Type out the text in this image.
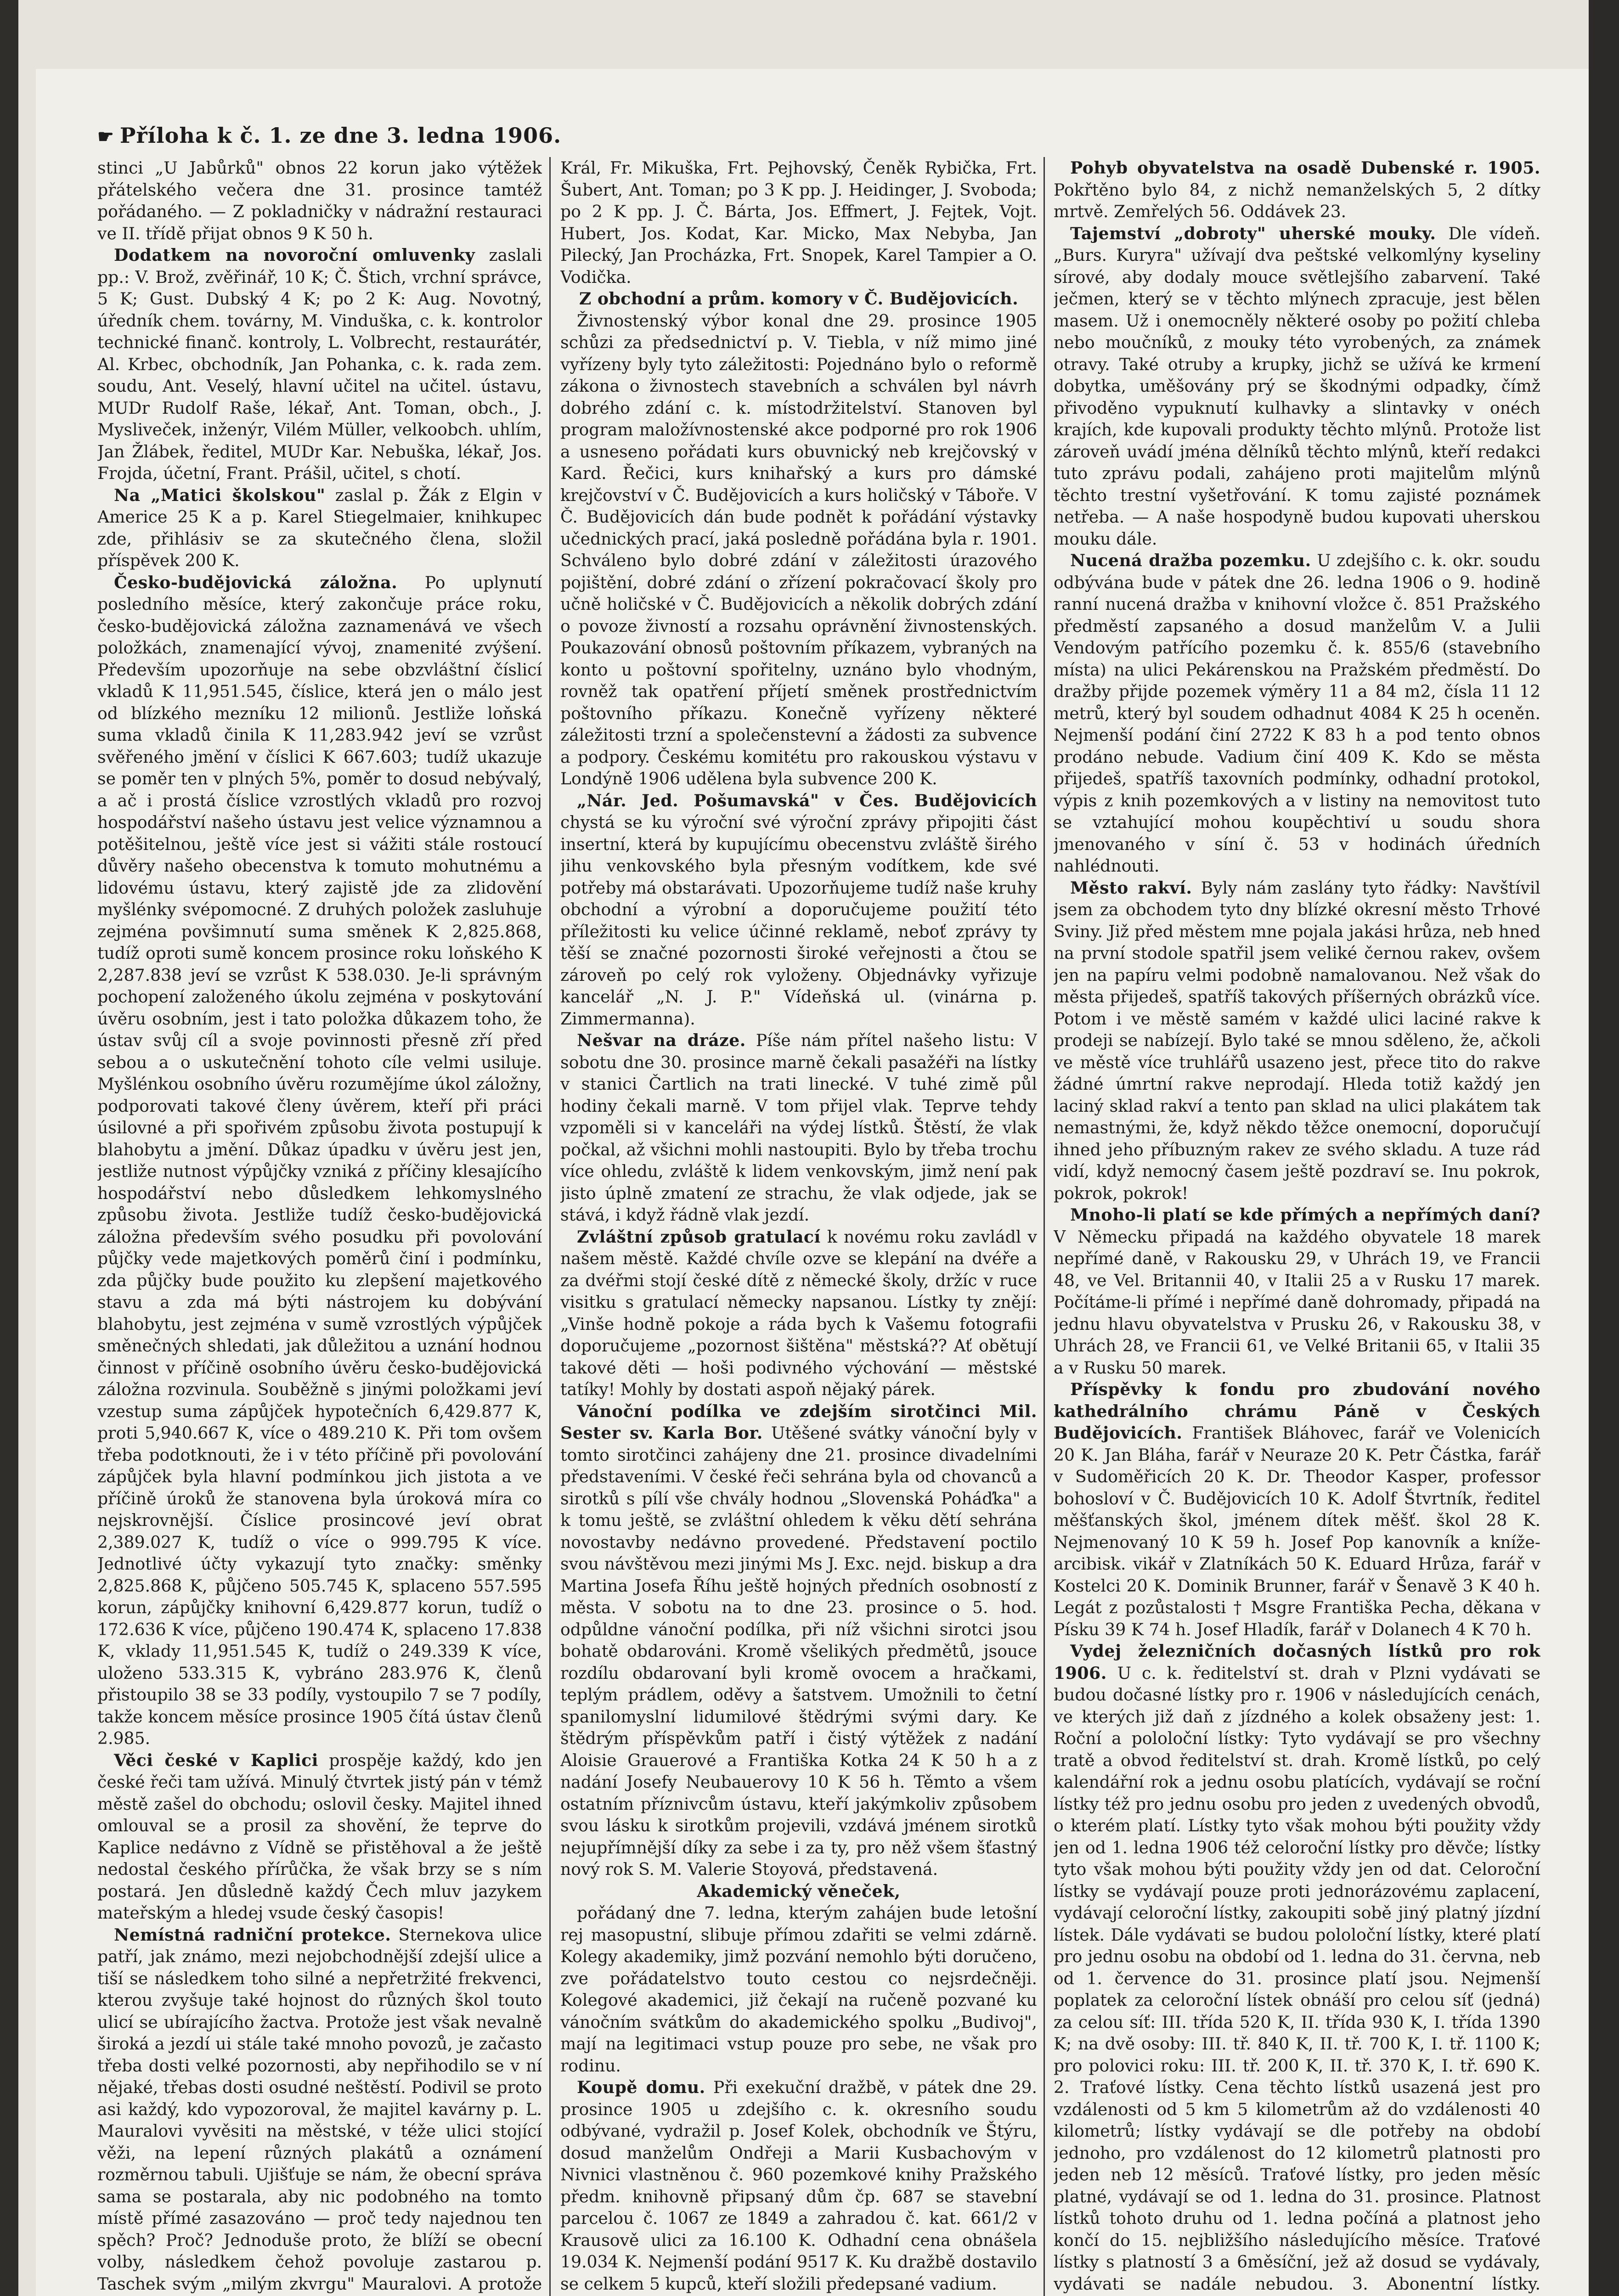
☛ Příloha k č. 1. ze dne 3. ledna 1906.

stinci „U Jabůrků" obnos 22 korun jako výtěžek přátelského večera dne 31. prosince tamtéž pořádaného. — Z pokladničky v nádražní restauraci ve II. třídě přijat obnos 9 K 50 h.

Dodatkem na novoroční omluvenky zaslali pp.: V. Brož, zvěřinář, 10 K; Č. Štich, vrchní správce, 5 K; Gust. Dubský 4 K; po 2 K: Aug. Novotný, úředník chem. továrny, M. Vinduška, c. k. kontrolor technické finanč. kontroly, L. Volbrecht, restaurátér, Al. Krbec, obchodník, Jan Pohanka, c. k. rada zem. soudu, Ant. Veselý, hlavní učitel na učitel. ústavu, MUDr Rudolf Raše, lékař, Ant. Toman, obch., J. Mysliveček, inženýr, Vilém Müller, velkoobch. uhlím, Jan Žlábek, ředitel, MUDr Kar. Nebuška, lékař, Jos. Frojda, účetní, Frant. Prášil, učitel, s chotí.

Na „Matici školskou" zaslal p. Žák z Elgin v Americe 25 K a p. Karel Stiegelmaier, knihkupec zde, přihlásiv se za skutečného člena, složil příspěvek 200 K.

Česko-budějovická záložna. Po uplynutí posledního měsíce, který zakončuje práce roku, česko-budějovická záložna zaznamenává ve všech položkách, znamenající vývoj, znamenité zvýšení. Především upozorňuje na sebe obzvláštní číslicí vkladů K 11,951.545, číslice, která jen o málo jest od blízkého mezníku 12 milionů. Jestliže loňská suma vkladů činila K 11,283.942 jeví se vzrůst svěřeného jmění v číslici K 667.603; tudíž ukazuje se poměr ten v plných 5%, poměr to dosud nebývalý, a ač i prostá číslice vzrostlých vkladů pro rozvoj hospodářství našeho ústavu jest velice významnou a potěšitelnou, ještě více jest si vážiti stále rostoucí důvěry našeho obecenstva k tomuto mohutnému a lidovému ústavu, který zajistě jde za zlidovění myšlénky svépomocné. Z druhých položek zasluhuje zejména povšimnutí suma směnek K 2,825.868, tudíž oproti sumě koncem prosince roku loňského K 2,287.838 jeví se vzrůst K 538.030. Je-li správným pochopení založeného úkolu zejména v poskytování úvěru osobním, jest i tato položka důkazem toho, že ústav svůj cíl a svoje povinnosti přesně zří před sebou a o uskutečnění tohoto cíle velmi usiluje. Myšlénkou osobního úvěru rozumějíme úkol záložny, podporovati takové členy úvěrem, kteří při práci úsilovné a při spořivém způsobu života postupují k blahobytu a jmění. Důkaz úpadku v úvěru jest jen, jestliže nutnost výpůjčky vzniká z příčiny klesajícího hospodářství nebo důsledkem lehkomyslného způsobu života. Jestliže tudíž česko-budějovická záložna především svého posudku při povolování půjčky vede majetkových poměrů činí i podmínku, zda půjčky bude použito ku zlepšení majetkového stavu a zda má býti nástrojem ku dobývání blahobytu, jest zejména v sumě vzrostlých výpůjček směnečných shledati, jak důležitou a uznání hodnou činnost v příčině osobního úvěru česko-budějovická záložna rozvinula. Souběžně s jinými položkami jeví vzestup suma zápůjček hypotečních 6,429.877 K, proti 5,940.667 K, více o 489.210 K. Při tom ovšem třeba podotknouti, že i v této příčině při povolování zápůjček byla hlavní podmínkou jich jistota a ve příčině úroků že stanovena byla úroková míra co nejskrovnější. Číslice prosincové jeví obrat 2,389.027 K, tudíž o více o 999.795 K více. Jednotlivé účty vykazují tyto značky: směnky 2,825.868 K, půjčeno 505.745 K, splaceno 557.595 korun, zápůjčky knihovní 6,429.877 korun, tudíž o 172.636 K více, půjčeno 190.474 K, splaceno 17.838 K, vklady 11,951.545 K, tudíž o 249.339 K více, uloženo 533.315 K, vybráno 283.976 K, členů přistoupilo 38 se 33 podíly, vystoupilo 7 se 7 podíly, takže koncem měsíce prosince 1905 čítá ústav členů 2.985.

Věci české v Kaplici prospěje každý, kdo jen české řeči tam užívá. Minulý čtvrtek jistý pán v témž městě zašel do obchodu; oslovil česky. Majitel ihned omlouval se a prosil za shovění, že teprve do Kaplice nedávno z Vídně se přistěhoval a že ještě nedostal českého přírůčka, že však brzy se s ním postará. Jen důsledně každý Čech mluv jazykem mateřským a hledej vsude český časopis!

Nemístná radniční protekce. Sternekova ulice patří, jak známo, mezi nejobchodnější zdejší ulice a tiší se následkem toho silné a nepřetržité frekvenci, kterou zvyšuje také hojnost do různých škol touto ulicí se ubírajícího žactva. Protože jest však nevalně široká a jezdí ui stále také mnoho povozů, je začasto třeba dosti velké pozornosti, aby nepřihodilo se v ní nějaké, třebas dosti osudné neštěstí. Podivil se proto asi každý, kdo vypozoroval, že majitel kavárny p. L. Mauralovi vyvěsiti na městské, v téže ulici stojící věži, na lepení různých plakátů a oznámení rozměrnou tabuli. Ujišťuje se nám, že obecní správa sama se postarala, aby nic podobného na tomto místě přímé zasazováno — proč tedy najednou ten spěch? Proč? Jednoduše proto, že blíží se obecní volby, následkem čehož povoluje zastarou p. Taschek svým „milým zkvrgu" Mauralovi. A protože

Král, Fr. Mikuška, Frt. Pejhovský, Čeněk Rybička, Frt. Šubert, Ant. Toman; po 3 K pp. J. Heidinger, J. Svoboda; po 2 K pp. J. Č. Bárta, Jos. Effmert, J. Fejtek, Vojt. Hubert, Jos. Kodat, Kar. Micko, Max Nebyba, Jan Pilecký, Jan Procházka, Frt. Snopek, Karel Tampier a O. Vodička.

Z obchodní a prům. komory v Č. Budějovicích.

Živnostenský výbor konal dne 29. prosince 1905 schůzi za předsednictví p. V. Tiebla, v níž mimo jiné vyřízeny byly tyto záležitosti: Pojednáno bylo o reformě zákona o živnostech stavebních a schválen byl návrh dobrého zdání c. k. místodržitelství. Stanoven byl program maložívnostenské akce podporné pro rok 1906 a usneseno pořádati kurs obuvnický neb krejčovský v Kard. Řečici, kurs knihařský a kurs pro dámské krejčovství v Č. Budějovicích a kurs holičský v Táboře. V Č. Budějovicích dán bude podnět k pořádání výstavky učednických prací, jaká posledně pořádána byla r. 1901. Schváleno bylo dobré zdání v záležitosti úrazového pojištění, dobré zdání o zřízení pokračovací školy pro učně holičské v Č. Budějovicích a několik dobrých zdání o povoze živností a rozsahu oprávnění živnostenských. Poukazování obnosů poštovním příkazem, vybraných na konto u poštovní spořitelny, uznáno bylo vhodným, rovněž tak opatření příjetí směnek prostřednictvím poštovního příkazu. Konečně vyřízeny některé záležitosti trzní a společenstevní a žádosti za subvence a podpory. Českému komitétu pro rakouskou výstavu v Londýně 1906 udělena byla subvence 200 K.

„Nár. Jed. Pošumavská" v Čes. Budějovicích chystá se ku výroční své výroční zprávy připojiti část insertní, která by kupujícímu obecenstvu zvláště širého jihu venkovského byla přesným vodítkem, kde své potřeby má obstarávati. Upozorňujeme tudíž naše kruhy obchodní a výrobní a doporučujeme použití této příležitosti ku velice účinné reklamě, neboť zprávy ty těší se značné pozornosti široké veřejnosti a čtou se zároveň po celý rok vyloženy. Objednávky vyřizuje kancelář „N. J. P." Vídeňská ul. (vinárna p. Zimmermanna).

Nešvar na dráze. Píše nám přítel našeho listu: V sobotu dne 30. prosince marně čekali pasažéři na lístky v stanici Čartlich na trati linecké. V tuhé zimě půl hodiny čekali marně. V tom přijel vlak. Teprve tehdy vzpoměli si v kanceláři na výdej lístků. Štěstí, že vlak počkal, až všichni mohli nastoupiti. Bylo by třeba trochu více ohledu, zvláště k lidem venkovským, jimž není pak jisto úplně zmatení ze strachu, že vlak odjede, jak se stává, i když řádně vlak jezdí.

Zvláštní způsob gratulací k novému roku zavládl v našem městě. Každé chvíle ozve se klepání na dvéře a za dvéřmi stojí české dítě z německé školy, držíc v ruce visitku s gratulací německy napsanou. Lístky ty znějí: „Vinše hodně pokoje a ráda bych k Vašemu fotografii doporučujeme „pozornost šištěna" městská?? Ať obětují takové děti — hoši podivného výchování — městské tatíky! Mohly by dostati aspoň nějaký párek.

Vánoční podílka ve zdejším sirotčinci Mil. Sester sv. Karla Bor. Utěšené svátky vánoční byly v tomto sirotčinci zahájeny dne 21. prosince divadelními představeními. V české řeči sehrána byla od chovanců a sirotků s pílí vše chvály hodnou „Slovenská Poháďka" a k tomu ještě, se zvláštní ohledem k věku dětí sehrána novostavby nedávno provedené. Představení poctilo svou návštěvou mezi jinými Ms J. Exc. nejd. biskup a dra Martina Josefa Říhu ještě hojných předních osobností z města. V sobotu na to dne 23. prosince o 5. hod. odpůldne vánoční podílka, při níž všichni sirotci jsou bohatě obdarováni. Kromě všelikých předmětů, jsouce rozdílu obdarovaní byli kromě ovocem a hračkami, teplým prádlem, oděvy a šatstvem. Umožnili to četní spanilomyslní lidumilové štědrými svými dary. Ke štědrým příspěvkům patří i čistý výtěžek z nadání Aloisie Grauerové a Františka Kotka 24 K 50 h a z nadání Josefy Neubauerovy 10 K 56 h. Těmto a všem ostatním příznivcům ústavu, kteří jakýmkoliv způsobem svou lásku k sirotkům projevili, vzdává jménem sirotků nejupřímnější díky za sebe i za ty, pro něž všem šťastný nový rok S. M. Valerie Stoyová, představená.

Akademický věneček,

pořádaný dne 7. ledna, kterým zahájen bude letošní rej masopustní, slibuje přímou zdařiti se velmi zdárně. Kolegy akademiky, jimž pozvání nemohlo býti doručeno, zve pořádatelstvo touto cestou co nejsrdečněji. Kolegové akademici, již čekají na ručeně pozvané ku vánočním svátkům do akademického spolku „Budivoj", mají na legitimaci vstup pouze pro sebe, ne však pro rodinu.

Koupě domu. Při exekuční dražbě, v pátek dne 29. prosince 1905 u zdejšího c. k. okresního soudu odbývané, vydražil p. Josef Kolek, obchodník ve Štýru, dosud manželům Ondřeji a Marii Kusbachovým v Nivnici vlastněnou č. 960 pozemkové knihy Pražského předm. knihovně připsaný dům čp. 687 se stavební parcelou č. 1067 ze 1849 a zahradou č. kat. 661/2 v Krausově ulici za 16.100 K. Odhadní cena obnášela 19.034 K. Nejmenší podání 9517 K. Ku dražbě dostavilo se celkem 5 kupců, kteří složili předepsané vadium.

Pohyb obyvatelstva na osadě Dubenské r. 1905. Pokřtěno bylo 84, z nichž nemanželských 5, 2 dítky mrtvě. Zemřelých 56. Oddávek 23.

Tajemství „dobroty" uherské mouky. Dle vídeň. „Burs. Kuryra" užívají dva peštské velkomlýny kyseliny sírové, aby dodaly mouce světlejšího zabarvení. Také ječmen, který se v těchto mlýnech zpracuje, jest bělen masem. Už i onemocněly některé osoby po požití chleba nebo moučníků, z mouky této vyrobených, za známek otravy. Také otruby a krupky, jichž se užívá ke krmení dobytka, uměšovány prý se škodnými odpadky, čímž přivoděno vypuknutí kulhavky a slintavky v onéch krajích, kde kupovali produkty těchto mlýnů. Protože list zároveň uvádí jména dělníků těchto mlýnů, kteří redakci tuto zprávu podali, zahájeno proti majitelům mlýnů těchto trestní vyšetřování. K tomu zajisté poznámek netřeba. — A naše hospodyně budou kupovati uherskou mouku dále.

Nucená dražba pozemku. U zdejšího c. k. okr. soudu odbývána bude v pátek dne 26. ledna 1906 o 9. hodině ranní nucená dražba v knihovní vložce č. 851 Pražského předměstí zapsaného a dosud manželům V. a Julii Vendovým patřícího pozemku č. k. 855/6 (stavebního místa) na ulici Pekárenskou na Pražském předměstí. Do dražby přijde pozemek výměry 11 a 84 m2, čísla 11 12 metrů, který byl soudem odhadnut 4084 K 25 h oceněn. Nejmenší podání činí 2722 K 83 h a pod tento obnos prodáno nebude. Vadium činí 409 K. Kdo se města přijedeš, spatříš taxovních podmínky, odhadní protokol, výpis z knih pozemkových a v listiny na nemovitost tuto se vztahující mohou koupěchtiví u soudu shora jmenovaného v síní č. 53 v hodinách úředních nahlédnouti.

Město rakví. Byly nám zaslány tyto řádky: Navštívil jsem za obchodem tyto dny blízké okresní město Trhové Sviny. Již před městem mne pojala jakási hrůza, neb hned na první stodole spatřil jsem veliké černou rakev, ovšem jen na papíru velmi podobně namalovanou. Než však do města přijedeš, spatříš takových příšerných obrázků více. Potom i ve městě samém v každé ulici laciné rakve k prodeji se nabízejí. Bylo také se mnou sděleno, že, ačkoli ve městě více truhlářů usazeno jest, přece tito do rakve žádné úmrtní rakve neprodají. Hleda totiž každý jen laciný sklad rakví a tento pan sklad na ulici plakátem tak nemastnými, že, když někdo těžce onemocní, doporučují ihned jeho příbuzným rakev ze svého skladu. A tuze rád vidí, když nemocný časem ještě pozdraví se. Inu pokrok, pokrok, pokrok!

Mnoho-li platí se kde přímých a nepřímých daní? V Německu připadá na každého obyvatele 18 marek nepřímé daně, v Rakousku 29, v Uhrách 19, ve Francii 48, ve Vel. Britannii 40, v Italii 25 a v Rusku 17 marek. Počítáme-li přímé i nepřímé daně dohromady, připadá na jednu hlavu obyvatelstva v Prusku 26, v Rakousku 38, v Uhrách 28, ve Francii 61, ve Velké Britanii 65, v Italii 35 a v Rusku 50 marek.

Příspěvky k fondu pro zbudování nového kathedrálního chrámu Páně v Českých Budějovicích. František Bláhovec, farář ve Volenicích 20 K. Jan Bláha, farář v Neuraze 20 K. Petr Částka, farář v Sudoměřicích 20 K. Dr. Theodor Kasper, professor bohosloví v Č. Budějovicích 10 K. Adolf Štvrtník, ředitel měšťanských škol, jménem dítek měšť. škol 28 K. Nejmenovaný 10 K 59 h. Josef Pop kanovník a kníže-arcibisk. vikář v Zlatníkách 50 K. Eduard Hrůza, farář v Kostelci 20 K. Dominik Brunner, farář v Šenavě 3 K 40 h. Legát z pozůstalosti † Msgre Františka Pecha, děkana v Písku 39 K 74 h. Josef Hladík, farář v Dolanech 4 K 70 h.

Vydej železničních dočasných lístků pro rok 1906. U c. k. ředitelství st. drah v Plzni vydávati se budou dočasné lístky pro r. 1906 v následujících cenách, ve kterých již daň z jízdného a kolek obsaženy jest: 1. Roční a pololoční lístky: Tyto vydávají se pro všechny tratě a obvod ředitelství st. drah. Kromě lístků, po celý kalendářní rok a jednu osobu platících, vydávají se roční lístky též pro jednu osobu pro jeden z uvedených obvodů, o kterém platí. Lístky tyto však mohou býti použity vždy jen od 1. ledna 1906 též celoroční lístky pro děvče; lístky tyto však mohou býti použity vždy jen od dat. Celoroční lístky se vydávají pouze proti jednorázovému zaplacení, vydávají celoroční lístky, zakoupiti sobě jiný platný jízdní lístek. Dále vydávati se budou pololoční lístky, které platí pro jednu osobu na období od 1. ledna do 31. června, neb od 1. července do 31. prosince platí jsou. Nejmenší poplatek za celoroční lístek obnáší pro celou síť (jedná) za celou síť: III. třída 520 K, II. třída 930 K, I. třída 1390 K; na dvě osoby: III. tř. 840 K, II. tř. 700 K, I. tř. 1100 K; pro polovici roku: III. tř. 200 K, II. tř. 370 K, I. tř. 690 K. 2. Traťové lístky. Cena těchto lístků usazená jest pro vzdálenosti od 5 km 5 kilometrům až do vzdálenosti 40 kilometrů; lístky vydávají se dle potřeby na období jednoho, pro vzdálenost do 12 kilometrů platnosti pro jeden neb 12 měsíců. Traťové lístky, pro jeden měsíc platné, vydávají se od 1. ledna do 31. prosince. Platnost lístků tohoto druhu od 1. ledna počíná a platnost jeho končí do 15. nejbližšího následujícího měsíce. Traťové lístky s platností 3 a 6měsíční, jež až dosud se vydávaly, vydávati se nadále nebudou. 3. Abonentní lístky.
